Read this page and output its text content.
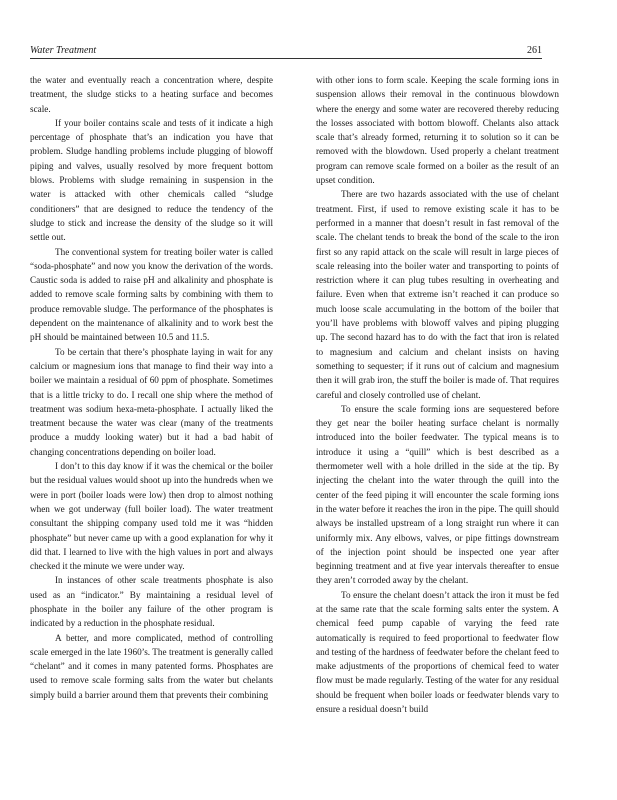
Water Treatment	261

the water and eventually reach a concentration where, despite treatment, the sludge sticks to a heating surface and becomes scale.

If your boiler contains scale and tests of it indicate a high percentage of phosphate that’s an indication you have that problem. Sludge handling problems include plugging of blowoff piping and valves, usually resolved by more frequent bottom blows. Problems with sludge remaining in suspension in the water is attacked with other chemicals called “sludge conditioners” that are designed to reduce the tendency of the sludge to stick and increase the density of the sludge so it will settle out.

The conventional system for treating boiler water is called “soda-phosphate” and now you know the derivation of the words. Caustic soda is added to raise pH and alkalinity and phosphate is added to remove scale forming salts by combining with them to produce removable sludge. The performance of the phosphates is dependent on the maintenance of alkalinity and to work best the pH should be maintained between 10.5 and 11.5.

To be certain that there’s phosphate laying in wait for any calcium or magnesium ions that manage to find their way into a boiler we maintain a residual of 60 ppm of phosphate. Sometimes that is a little tricky to do. I recall one ship where the method of treatment was sodium hexa-meta-phosphate. I actually liked the treatment because the water was clear (many of the treatments produce a muddy looking water) but it had a bad habit of changing concentrations depending on boiler load.

I don’t to this day know if it was the chemical or the boiler but the residual values would shoot up into the hundreds when we were in port (boiler loads were low) then drop to almost nothing when we got underway (full boiler load). The water treatment consultant the shipping company used told me it was “hidden phosphate” but never came up with a good explanation for why it did that. I learned to live with the high values in port and always checked it the minute we were under way.

In instances of other scale treatments phosphate is also used as an “indicator.” By maintaining a residual level of phosphate in the boiler any failure of the other program is indicated by a reduction in the phosphate residual.

A better, and more complicated, method of controlling scale emerged in the late 1960’s. The treatment is generally called “chelant” and it comes in many patented forms. Phosphates are used to remove scale forming salts from the water but chelants simply build a barrier around them that prevents their combining

with other ions to form scale. Keeping the scale forming ions in suspension allows their removal in the continuous blowdown where the energy and some water are recovered thereby reducing the losses associated with bottom blowoff. Chelants also attack scale that’s already formed, returning it to solution so it can be removed with the blowdown. Used properly a chelant treatment program can remove scale formed on a boiler as the result of an upset condition.

There are two hazards associated with the use of chelant treatment. First, if used to remove existing scale it has to be performed in a manner that doesn’t result in fast removal of the scale. The chelant tends to break the bond of the scale to the iron first so any rapid attack on the scale will result in large pieces of scale releasing into the boiler water and transporting to points of restriction where it can plug tubes resulting in overheating and failure. Even when that extreme isn’t reached it can produce so much loose scale accumulating in the bottom of the boiler that you’ll have problems with blowoff valves and piping plugging up. The second hazard has to do with the fact that iron is related to magnesium and calcium and chelant insists on having something to sequester; if it runs out of calcium and magnesium then it will grab iron, the stuff the boiler is made of. That requires careful and closely controlled use of chelant.

To ensure the scale forming ions are sequestered before they get near the boiler heating surface chelant is normally introduced into the boiler feedwater. The typical means is to introduce it using a “quill” which is best described as a thermometer well with a hole drilled in the side at the tip. By injecting the chelant into the water through the quill into the center of the feed piping it will encounter the scale forming ions in the water before it reaches the iron in the pipe. The quill should always be installed upstream of a long straight run where it can uniformly mix. Any elbows, valves, or pipe fittings downstream of the injection point should be inspected one year after beginning treatment and at five year intervals thereafter to ensue they aren’t corroded away by the chelant.

To ensure the chelant doesn’t attack the iron it must be fed at the same rate that the scale forming salts enter the system. A chemical feed pump capable of varying the feed rate automatically is required to feed proportional to feedwater flow and testing of the hardness of feedwater before the chelant feed to make adjustments of the proportions of chemical feed to water flow must be made regularly. Testing of the water for any residual should be frequent when boiler loads or feedwater blends vary to ensure a residual doesn’t build
